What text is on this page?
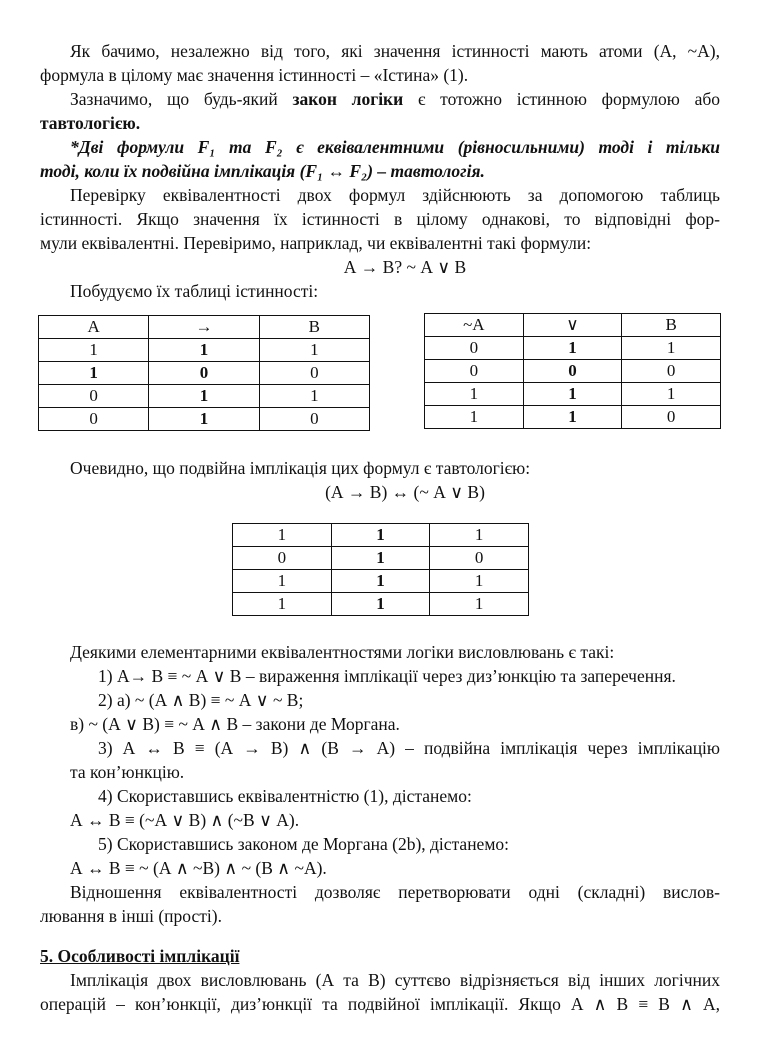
Як бачимо, незалежно від того, які значення істинності мають атоми (А, ~А),
формула в цілому має значення істинності – «Істина» (1).
Зазначимо, що будь-який закон логіки є тотожно істинною формулою або
тавтологією.
*Дві формули F₁ та F₂ є еквівалентними (рівносильними) тоді і тільки
тоді, коли їх подвійна імплікація (F₁ ↔ F₂) – тавтологія.
Перевірку еквівалентності двох формул здійснюють за допомогою таблиць
істинності. Якщо значення їх істинності в цілому однакові, то відповідні фор-
мули еквівалентні. Перевіримо, наприклад, чи еквівалентні такі формули:
А → В? ~ А ∨ В
Побудуємо їх таблиці істинності:
А	→	В
1	1	1
1	0	0
0	1	1
0	1	0
~А	∨	В
0	1	1
0	0	0
1	1	1
1	1	0
Очевидно, що подвійна імплікація цих формул є тавтологією:
(А → В) ↔ (~ А ∨ В)
1	1	1
0	1	0
1	1	1
1	1	1
Деякими елементарними еквівалентностями логіки висловлювань є такі:
1) А→ В ≡ ~ А ∨ В – вираження імплікації через диз’юнкцію та заперечення.
2) а) ~ (А ∧ В) ≡ ~ А ∨ ~ В;
в) ~ (А ∨ В) ≡ ~ А ∧ В – закони де Моргана.
3) А ↔ В ≡ (А → В) ∧ (В → А) – подвійна імплікація через імплікацію
та кон’юнкцію.
4) Скориставшись еквівалентністю (1), дістанемо:
А ↔ В ≡ (~А ∨ В) ∧ (~В ∨ А).
5) Скориставшись законом де Моргана (2b), дістанемо:
А ↔ В ≡ ~ (А ∧ ~В) ∧ ~ (В ∧ ~А).
Відношення еквівалентності дозволяє перетворювати одні (складні) вислов-
лювання в інші (прості).
5. Особливості імплікації
Імплікація двох висловлювань (А та В) суттєво відрізняється від інших логічних
операцій – кон’юнкції, диз’юнкції та подвійної імплікації. Якщо А ∧ В ≡ В ∧ А,
